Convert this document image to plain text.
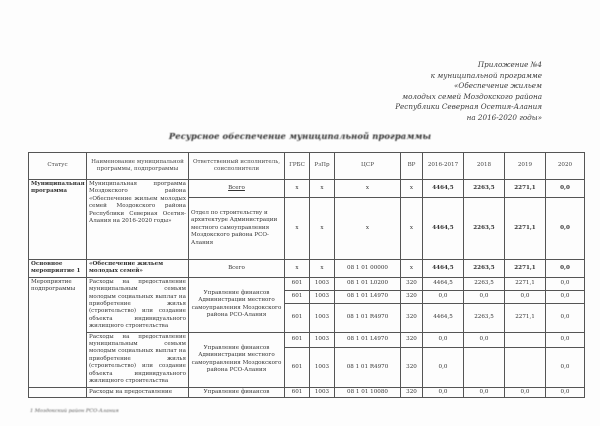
Приложение №4
к муниципальной программе
«Обеспечение жильем
молодых семей Моздокского района
Республики Северная Осетия-Алания
на 2016-2020 годы»
Ресурсное обеспечение муниципальной программы
Статус	Наименование муниципальной программы, подпрограммы	Ответственный исполнитель, соисполнители	ГРБС	РзПр	ЦСР	ВР	2016-2017	2018	2019	2020
Муниципальная программа	Муниципальная программа Моздокского района «Обеспечение жильем молодых семей Моздокского района Республики Северная Осетия-Алания на 2016-2020 годы»	Всего	х	х	х	х	4464,5	2263,5	2271,1	0,0
		Отдел по строительству и архитектуре Администрации местного самоуправления Моздокского района РСО-Алания	х	х	х	х	4464,5	2263,5	2271,1	0,0
Основное мероприятие 1	«Обеспечение жильем молодых семей»	Всего	х	х	08 1 01 00000	х	4464,5	2263,5	2271,1	0,0
Мероприятие подпрограммы	Расходы на предоставление муниципальным семьям молодым социальных выплат на приобретение жилья (строительство) или создание объекта индивидуального жилищного строительства	Управление финансов Администрации местного самоуправления Моздокского района РСО-Алания	601	1003	08 1 01 L0200	320	4464,5	2263,5	2271,1	0,0
			601	1003	08 1 01 L4970	320	0,0	0,0	0,0	0,0
			601	1003	08 1 01 R4970	320	4464,5	2263,5	2271,1	0,0
	Расходы на предоставление муниципальным семьям молодым социальных выплат на приобретение жилья (строительство) или создание объекта индивидуального жилищного строительства	Управление финансов Администрации местного самоуправления Моздокского района РСО-Алания	601	1003	08 1 01 L4970	320	0,0	0,0		0,0
			601	1003	08 1 01 R4970	320	0,0			0,0
	Расходы на предоставление	Управление финансов	601	1003	08 1 01 10080	320	0,0	0,0	0,0	0,0
1 Моздокский район РСО-Алания
